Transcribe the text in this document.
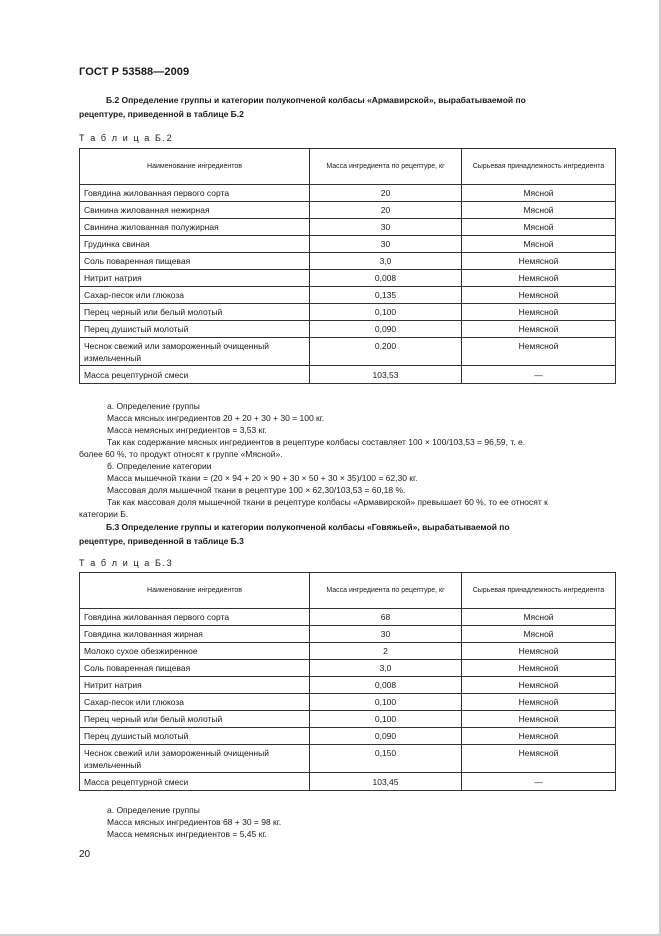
ГОСТ Р 53588—2009
Б.2 Определение группы и категории полукопченой колбасы «Армавирской», вырабатываемой по
рецептуре, приведенной в таблице Б.2
Т а б л и ц а Б.2
Наименование ингредиентов	Масса ингредиента по рецептуре, кг	Сырьевая принадлежность ингредиента
Говядина жилованная первого сорта	20	Мясной
Свинина жилованная нежирная	20	Мясной
Свинина жилованная полужирная	30	Мясной
Грудинка свиная	30	Мясной
Соль поваренная пищевая	3,0	Немясной
Нитрит натрия	0,008	Немясной
Сахар-песок или глюкоза	0,135	Немясной
Перец черный или белый молотый	0,100	Немясной
Перец душистый молотый	0,090	Немясной
Чеснок свежий или замороженный очищенный измельченный	0,200	Немясной
Масса рецептурной смеси	103,53	—
а. Определение группы
Масса мясных ингредиентов 20 + 20 + 30 + 30 = 100 кг.
Масса немясных ингредиентов = 3,53 кг.
Так как содержание мясных ингредиентов в рецептуре колбасы составляет 100 × 100/103,53 = 96,59, т. е.
более 60 %, то продукт относят к группе «Мясной».
б. Определение категории
Масса мышечной ткани = (20 × 94 + 20 × 90 + 30 × 50 + 30 × 35)/100 = 62,30 кг.
Массовая доля мышечной ткани в рецептуре 100 × 62,30/103,53 = 60,18 %.
Так как массовая доля мышечной ткани в рецептуре колбасы «Армавирской» превышает 60 %, то ее относят к
категории Б.
Б.3 Определение группы и категории полукопченой колбасы «Говяжьей», вырабатываемой по
рецептуре, приведенной в таблице Б.3
Т а б л и ц а Б.3
Наименование ингредиентов	Масса ингредиента по рецептуре, кг	Сырьевая принадлежность ингредиента
Говядина жилованная первого сорта	68	Мясной
Говядина жилованная жирная	30	Мясной
Молоко сухое обезжиренное	2	Немясной
Соль поваренная пищевая	3,0	Немясной
Нитрит натрия	0,008	Немясной
Сахар-песок или глюкоза	0,100	Немясной
Перец черный или белый молотый	0,100	Немясной
Перец душистый молотый	0,090	Немясной
Чеснок свежий или замороженный очищенный измельченный	0,150	Немясной
Масса рецептурной смеси	103,45	—
а. Определение группы
Масса мясных ингредиентов 68 + 30 = 98 кг.
Масса немясных ингредиентов = 5,45 кг.
20
